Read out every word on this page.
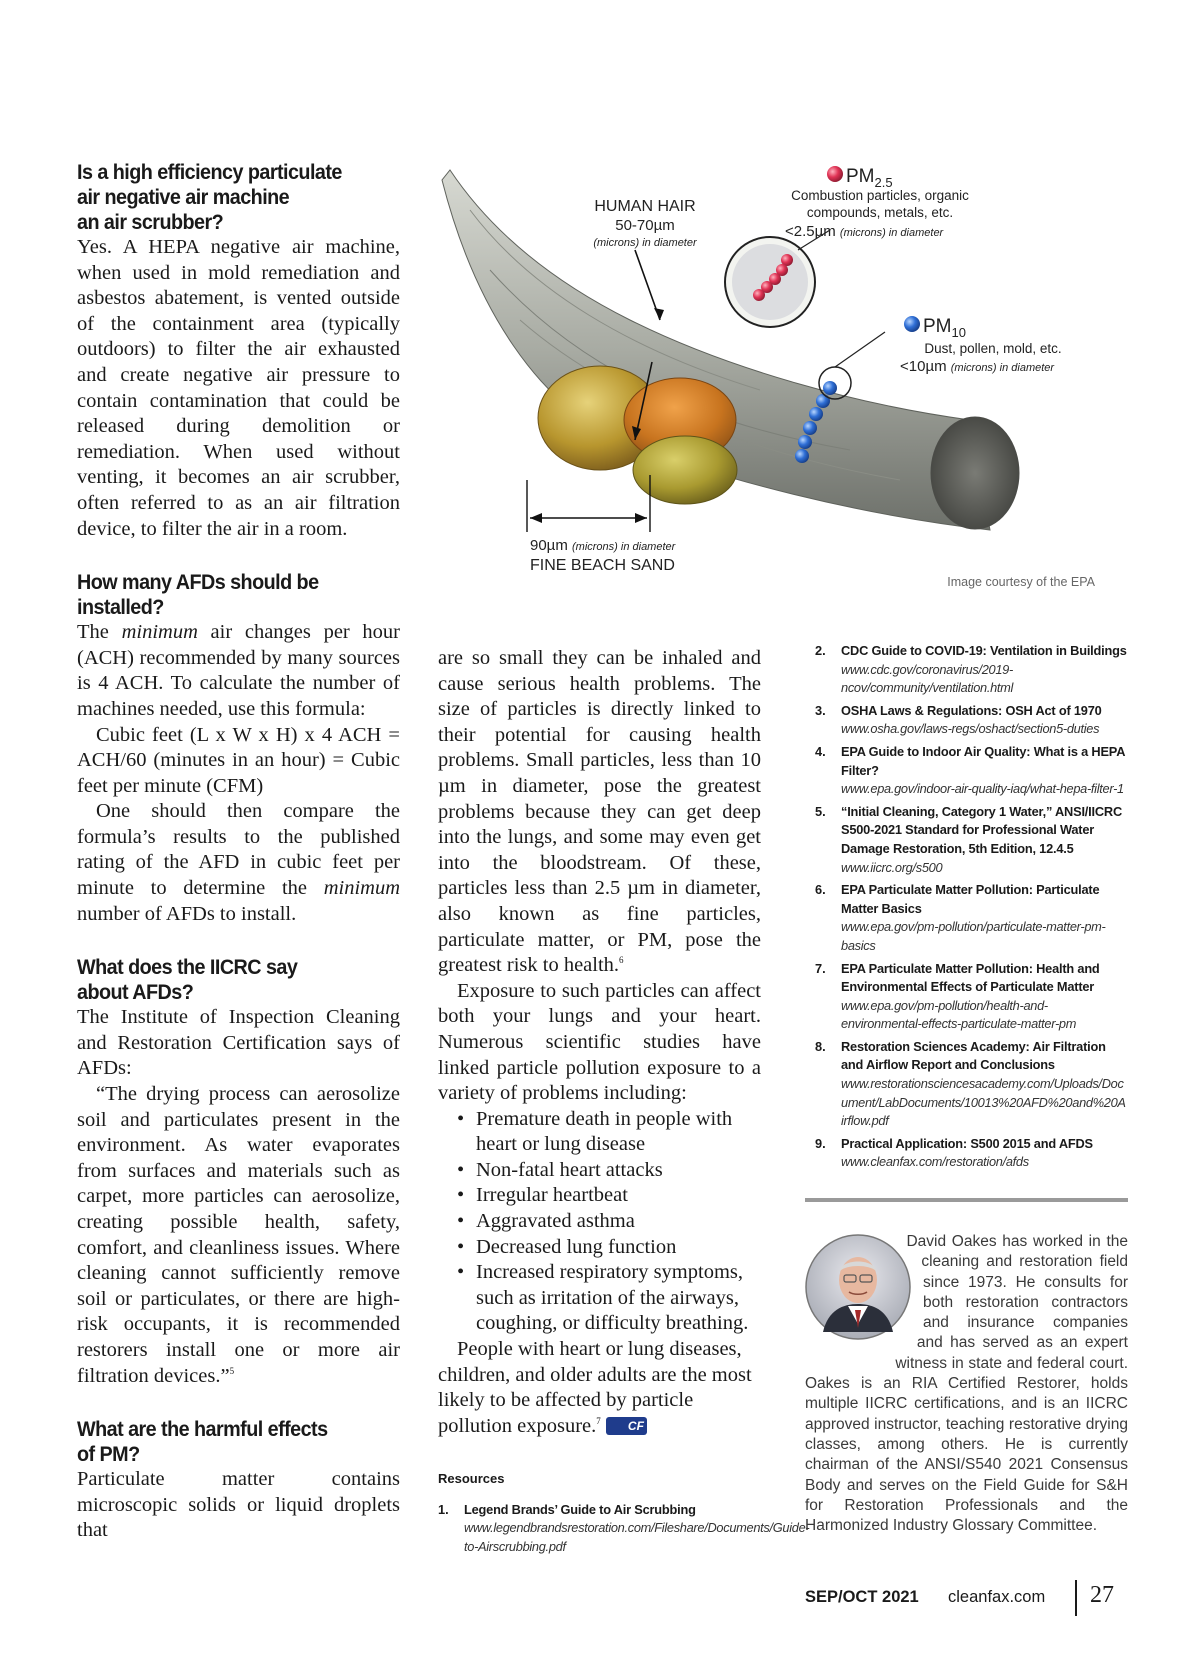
Is a high efficiency particulate
air negative air machine
an air scrubber?

Yes. A HEPA negative air machine, when used in mold remediation and asbestos abatement, is vented outside of the containment area (typically outdoors) to filter the air exhausted and create negative air pressure to contain contamination that could be released during demolition or remediation. When used without venting, it becomes an air scrubber, often referred to as an air filtration device, to filter the air in a room.

How many AFDs should be
installed?

The minimum air changes per hour (ACH) recommended by many sources is 4 ACH. To calculate the number of machines needed, use this formula:

Cubic feet (L x W x H) x 4 ACH = ACH/60 (minutes in an hour) = Cubic feet per minute (CFM)

One should then compare the formula’s results to the published rating of the AFD in cubic feet per minute to determine the minimum number of AFDs to install.

What does the IICRC say
about AFDs?

The Institute of Inspection Cleaning and Restoration Certification says of AFDs:

“The drying process can aerosolize soil and particulates present in the environment. As water evaporates from surfaces and materials such as carpet, more particles can aerosolize, creating possible health, safety, comfort, and cleanliness issues. Where cleaning cannot sufficiently remove soil or particulates, or there are high-risk occupants, it is recommended restorers install one or more air filtration devices.”$^5$

What are the harmful effects
of PM?

Particulate matter contains microscopic solids or liquid droplets that

$PM_{2.5}$
Combustion particles, organic
compounds, metals, etc.
<2.5µm (microns) in diameter
HUMAN HAIR
50-70µm
(microns) in diameter
$PM_{10}$
Dust, pollen, mold, etc.
<10µm (microns) in diameter
90µm (microns) in diameter
FINE BEACH SAND
Image courtesy of the EPA

are so small they can be inhaled and cause serious health problems. The size of particles is directly linked to their potential for causing health problems. Small particles, less than 10 µm in diameter, pose the greatest problems because they can get deep into the lungs, and some may even get into the bloodstream. Of these, particles less than 2.5 µm in diameter, also known as fine particles, particulate matter, or PM, pose the greatest risk to health.$^6$

Exposure to such particles can affect both your lungs and your heart. Numerous scientific studies have linked particle pollution exposure to a variety of problems including:

• Premature death in people with heart or lung disease
• Non-fatal heart attacks
• Irregular heartbeat
• Aggravated asthma
• Decreased lung function
• Increased respiratory symptoms, such as irritation of the airways, coughing, or difficulty breathing.

People with heart or lung diseases, children, and older adults are the most likely to be affected by particle pollution exposure.$^7$ CF

Resources
1. Legend Brands’ Guide to Air Scrubbing
www.legendbrandsrestoration.com/Fileshare/Documents/Guide-to-Airscrubbing.pdf
2. CDC Guide to COVID-19: Ventilation in Buildings
www.cdc.gov/coronavirus/2019-ncov/community/ventilation.html
3. OSHA Laws & Regulations: OSH Act of 1970
www.osha.gov/laws-regs/oshact/section5-duties
4. EPA Guide to Indoor Air Quality: What is a HEPA Filter?
www.epa.gov/indoor-air-quality-iaq/what-hepa-filter-1
5. “Initial Cleaning, Category 1 Water,” ANSI/IICRC S500-2021 Standard for Professional Water Damage Restoration, 5th Edition, 12.4.5
www.iicrc.org/s500
6. EPA Particulate Matter Pollution: Particulate Matter Basics
www.epa.gov/pm-pollution/particulate-matter-pm-basics
7. EPA Particulate Matter Pollution: Health and Environmental Effects of Particulate Matter
www.epa.gov/pm-pollution/health-and-environmental-effects-particulate-matter-pm
8. Restoration Sciences Academy: Air Filtration and Airflow Report and Conclusions
www.restorationsciencesacademy.com/Uploads/Document/LabDocuments/10013%20AFD%20and%20Airflow.pdf
9. Practical Application: S500 2015 and AFDS
www.cleanfax.com/restoration/afds
David Oakes has worked in the cleaning and restoration field since 1973. He consults for both restoration contractors and insurance companies and has served as an expert witness in state and federal court. Oakes is an RIA Certified Restorer, holds multiple IICRC certifications, and is an IICRC approved instructor, teaching restorative drying classes, among others. He is currently chairman of the ANSI/S540 2021 Consensus Body and serves on the Field Guide for S&H for Restoration Professionals and the Harmonized Industry Glossary Committee.
SEP/OCT 2021 cleanfax.com 27
